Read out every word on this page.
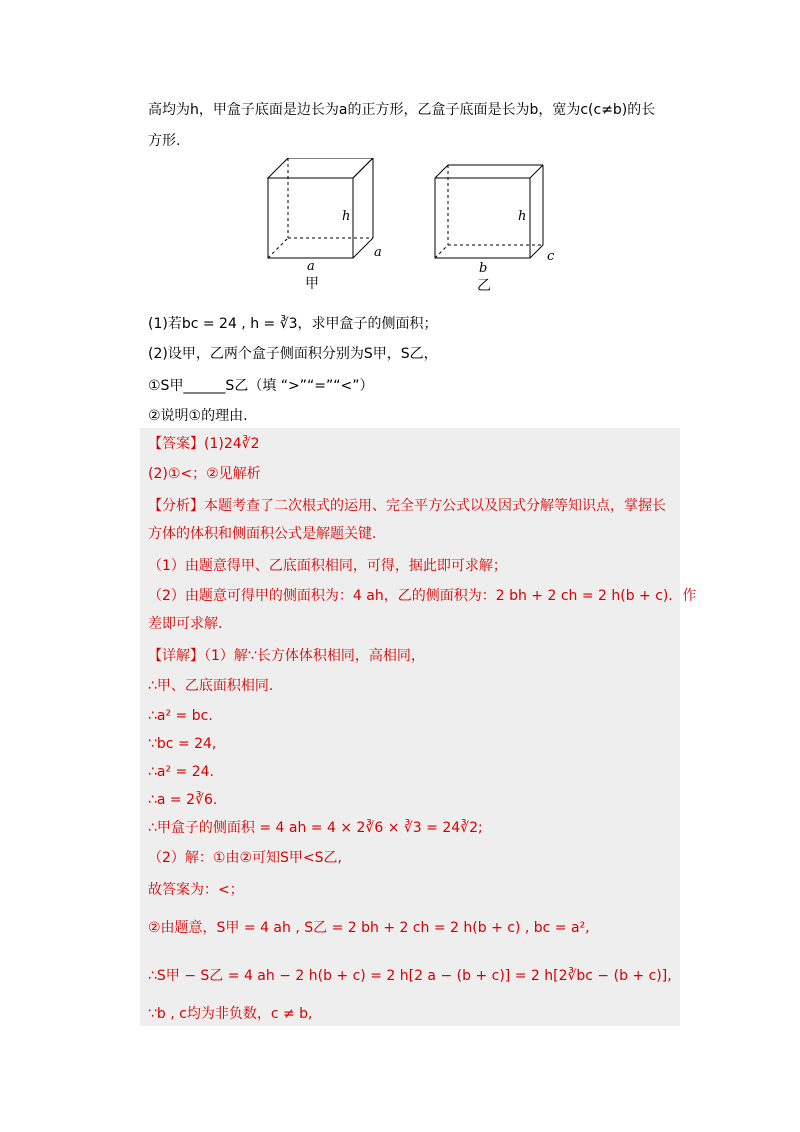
高均为h，甲盒子底面是边长为a的正方形，乙盒子底面是长为b，宽为c(c≠b)的长
方形.
h
a
a
甲
h
b
c
乙
(1)若bc = 24 , h = ∛3，求甲盒子的侧面积；
(2)设甲，乙两个盒子侧面积分别为S甲，S乙，
①S甲______S乙（填 “>”“=”“<”）
②说明①的理由.
【答案】(1)24∛2
(2)①<；②见解析
【分析】本题考查了二次根式的运用、完全平方公式以及因式分解等知识点，掌握长
方体的体积和侧面积公式是解题关键.
（1）由题意得甲、乙底面积相同，可得，据此即可求解；
（2）由题意可得甲的侧面积为：4 ah，乙的侧面积为：2 bh + 2 ch = 2 h(b + c)．作
差即可求解.
【详解】（1）解∵长方体体积相同，高相同，
∴甲、乙底面积相同.
∴a² = bc.
∵bc = 24,
∴a² = 24.
∴a = 2∛6.
∴甲盒子的侧面积 = 4 ah = 4 × 2∛6 × ∛3 = 24∛2;
（2）解：①由②可知S甲<S乙,
故答案为：<；
②由题意，S甲 = 4 ah , S乙 = 2 bh + 2 ch = 2 h(b + c) , bc = a²,
∴S甲 − S乙 = 4 ah − 2 h(b + c) = 2 h[2 a − (b + c)] = 2 h[2∛bc − (b + c)],
∵b , c均为非负数，c ≠ b,
